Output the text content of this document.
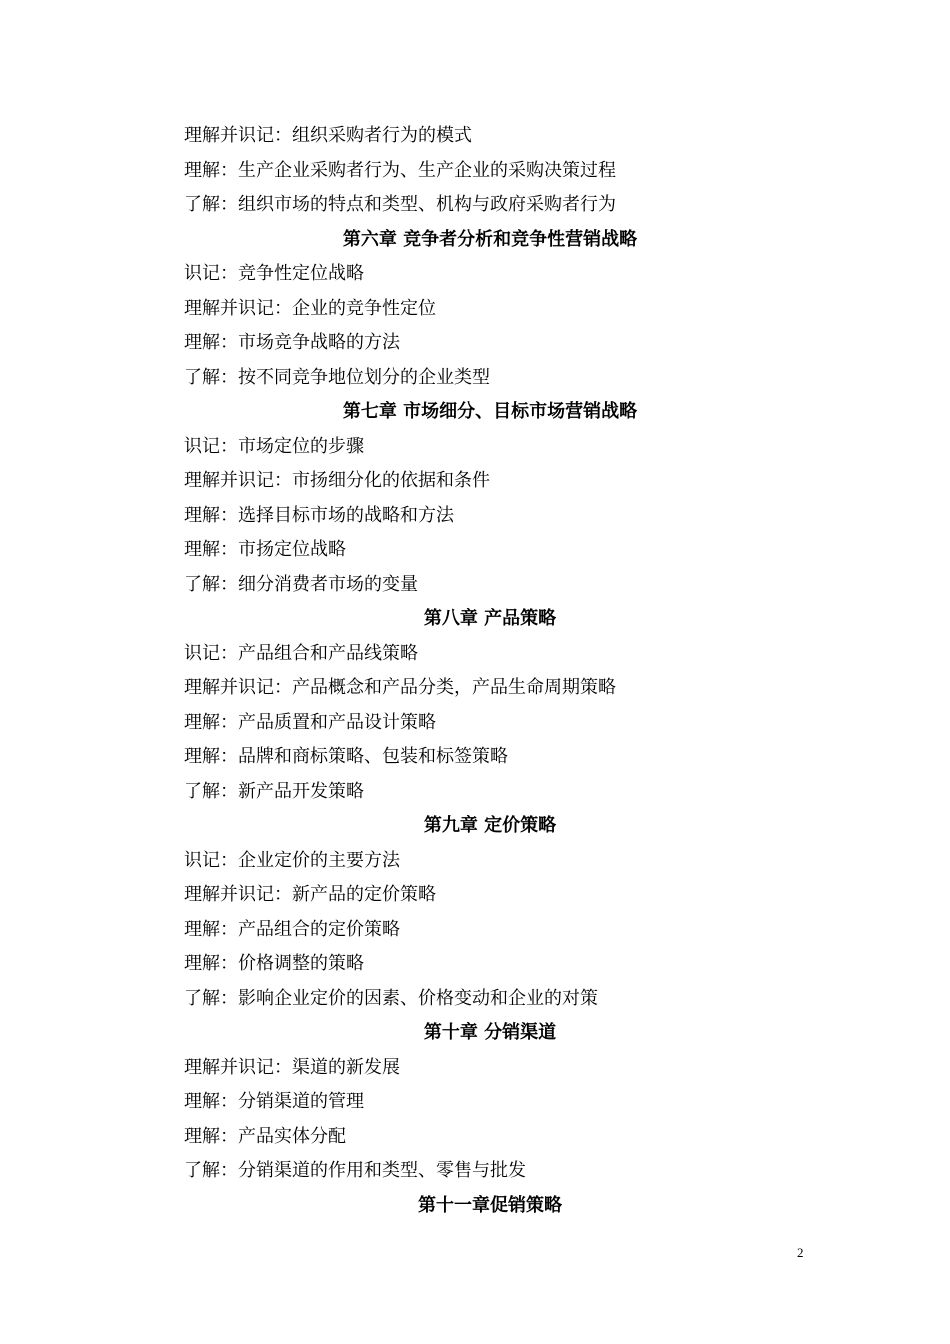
理解并识记：组织采购者行为的模式
理解：生产企业采购者行为、生产企业的采购决策过程
了解：组织市场的特点和类型、机构与政府采购者行为
第六章 竞争者分析和竞争性营销战略
识记：竞争性定位战略
理解并识记：企业的竞争性定位
理解：市场竞争战略的方法
了解：按不同竞争地位划分的企业类型
第七章 市场细分、目标市场营销战略
识记：市场定位的步骤
理解并识记：市扬细分化的依据和条件
理解：选择目标市场的战略和方法
理解：市扬定位战略
了解：细分消费者市场的变量
第八章 产品策略
识记：产品组合和产品线策略
理解并识记：产品概念和产品分类，产品生命周期策略
理解：产品质置和产品设计策略
理解：品牌和商标策略、包装和标签策略
了解：新产品开发策略
第九章 定价策略
识记：企业定价的主要方法
理解并识记：新产品的定价策略
理解：产品组合的定价策略
理解：价格调整的策略
了解：影响企业定价的因素、价格变动和企业的对策
第十章 分销渠道
理解并识记：渠道的新发展
理解：分销渠道的管理
理解：产品实体分配
了解：分销渠道的作用和类型、零售与批发
第十一章促销策略
2
